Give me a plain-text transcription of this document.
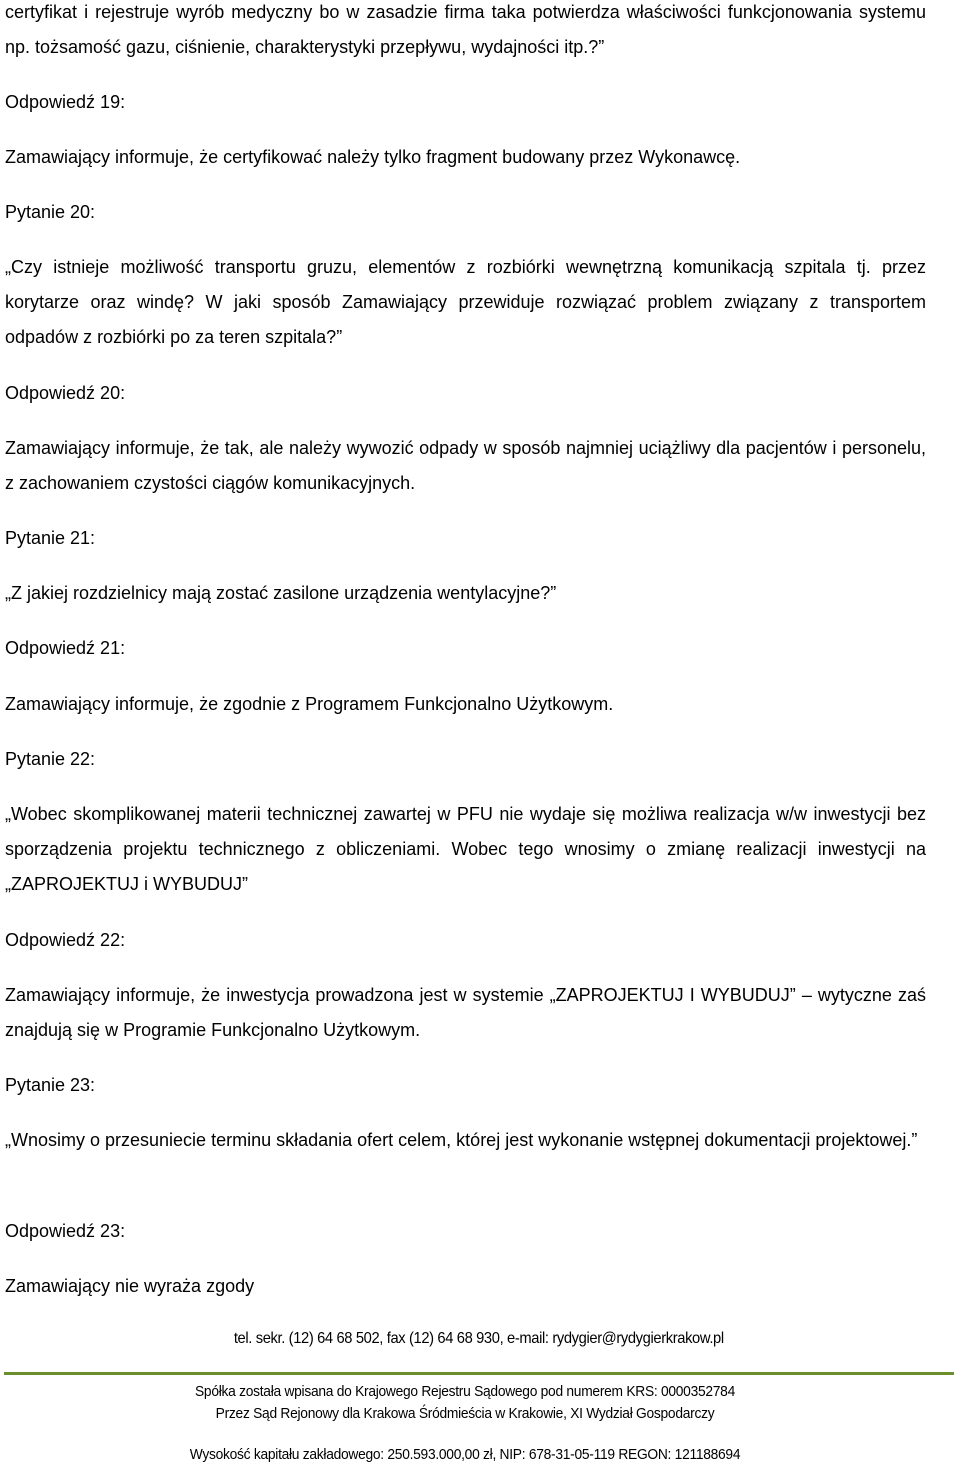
certyfikat i rejestruje wyrób medyczny bo w zasadzie firma taka potwierdza właściwości funkcjonowania systemu np. tożsamość gazu, ciśnienie, charakterystyki przepływu, wydajności itp.?”

Odpowiedź 19:

Zamawiający informuje, że certyfikować należy tylko fragment budowany przez Wykonawcę.

Pytanie 20:

„Czy istnieje możliwość transportu gruzu, elementów z rozbiórki wewnętrzną komunikacją szpitala tj. przez korytarze oraz windę? W jaki sposób Zamawiający przewiduje rozwiązać problem związany z transportem odpadów z rozbiórki po za teren szpitala?”

Odpowiedź 20:

Zamawiający informuje, że tak, ale należy wywozić odpady w sposób najmniej uciążliwy dla pacjentów i personelu, z zachowaniem czystości ciągów komunikacyjnych.

Pytanie 21:

„Z jakiej rozdzielnicy mają zostać zasilone urządzenia wentylacyjne?”

Odpowiedź 21:

Zamawiający informuje, że zgodnie z Programem Funkcjonalno Użytkowym.

Pytanie 22:

„Wobec skomplikowanej materii technicznej zawartej w PFU nie wydaje się możliwa realizacja w/w inwestycji bez sporządzenia projektu technicznego z obliczeniami. Wobec tego wnosimy o zmianę realizacji inwestycji na „ZAPROJEKTUJ i WYBUDUJ”

Odpowiedź 22:

Zamawiający informuje, że inwestycja prowadzona jest w systemie „ZAPROJEKTUJ I WYBUDUJ” – wytyczne zaś znajdują się w Programie Funkcjonalno Użytkowym.

Pytanie 23:

„Wnosimy o przesuniecie terminu składania ofert celem, której jest wykonanie wstępnej dokumentacji projektowej.”

Odpowiedź 23:

Zamawiający nie wyraża zgody

tel. sekr. (12) 64 68 502, fax (12) 64 68 930, e-mail: rydygier@rydygierkrakow.pl
Spółka została wpisana do Krajowego Rejestru Sądowego pod numerem KRS: 0000352784
Przez Sąd Rejonowy dla Krakowa Śródmieścia w Krakowie, XI Wydział Gospodarczy
Wysokość kapitału zakładowego: 250.593.000,00 zł, NIP: 678-31-05-119 REGON: 121188694
